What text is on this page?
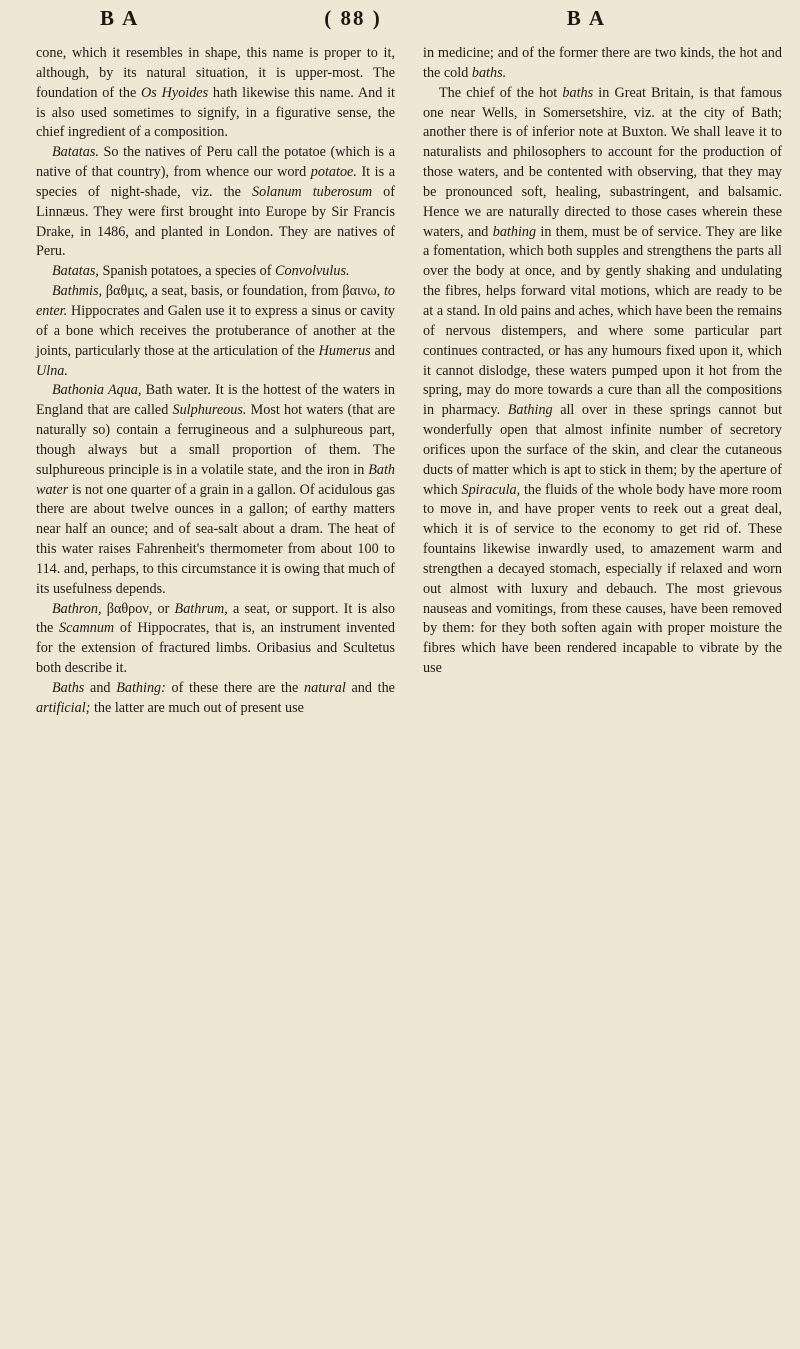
B A	( 88 )	B A

cone, which it resembles in shape, this name is proper to it, although, by its natural situation, it is upper-most. The foundation of the Os Hyoides hath likewise this name. And it is also used sometimes to signify, in a figurative sense, the chief ingredient of a composition.

Batatas. So the natives of Peru call the potatoe (which is a native of that country), from whence our word potatoe. It is a species of night-shade, viz. the Solanum tuberosum of Linnæus. They were first brought into Europe by Sir Francis Drake, in 1486, and planted in London. They are natives of Peru.

Batatas, Spanish potatoes, a species of Convolvulus.

Bathmis, βαθμις, a seat, basis, or foundation, from βαινω, to enter. Hippocrates and Galen use it to express a sinus or cavity of a bone which receives the protuberance of another at the joints, particularly those at the articulation of the Humerus and Ulna.

Bathonia Aqua, Bath water. It is the hottest of the waters in England that are called Sulphureous. Most hot waters (that are naturally so) contain a ferrugineous and a sulphureous part, though always but a small proportion of them. The sulphureous principle is in a volatile state, and the iron in Bath water is not one quarter of a grain in a gallon. Of acidulous gas there are about twelve ounces in a gallon; of earthy matters near half an ounce; and of sea-salt about a dram. The heat of this water raises Fahrenheit's thermometer from about 100 to 114. and, perhaps, to this circumstance it is owing that much of its usefulness depends.

Bathron, βαθρον, or Bathrum, a seat, or support. It is also the Scamnum of Hippocrates, that is, an instrument invented for the extension of fractured limbs. Oribasius and Scultetus both describe it.

Baths and Bathing: of these there are the natural and the artificial; the latter are much out of present use

in medicine; and of the former there are two kinds, the hot and the cold baths.

The chief of the hot baths in Great Britain, is that famous one near Wells, in Somersetshire, viz. at the city of Bath; another there is of inferior note at Buxton. We shall leave it to naturalists and philosophers to account for the production of those waters, and be contented with observing, that they may be pronounced soft, healing, subastringent, and balsamic. Hence we are naturally directed to those cases wherein these waters, and bathing in them, must be of service. They are like a fomentation, which both supples and strengthens the parts all over the body at once, and by gently shaking and undulating the fibres, helps forward vital motions, which are ready to be at a stand. In old pains and aches, which have been the remains of nervous distempers, and where some particular part continues contracted, or has any humours fixed upon it, which it cannot dislodge, these waters pumped upon it hot from the spring, may do more towards a cure than all the compositions in pharmacy. Bathing all over in these springs cannot but wonderfully open that almost infinite number of secretory orifices upon the surface of the skin, and clear the cutaneous ducts of matter which is apt to stick in them; by the aperture of which Spiracula, the fluids of the whole body have more room to move in, and have proper vents to reek out a great deal, which it is of service to the economy to get rid of. These fountains likewise inwardly used, to amazement warm and strengthen a decayed stomach, especially if relaxed and worn out almost with luxury and debauch. The most grievous nauseas and vomitings, from these causes, have been removed by them: for they both soften again with proper moisture the fibres which have been rendered incapable to vibrate by the use
